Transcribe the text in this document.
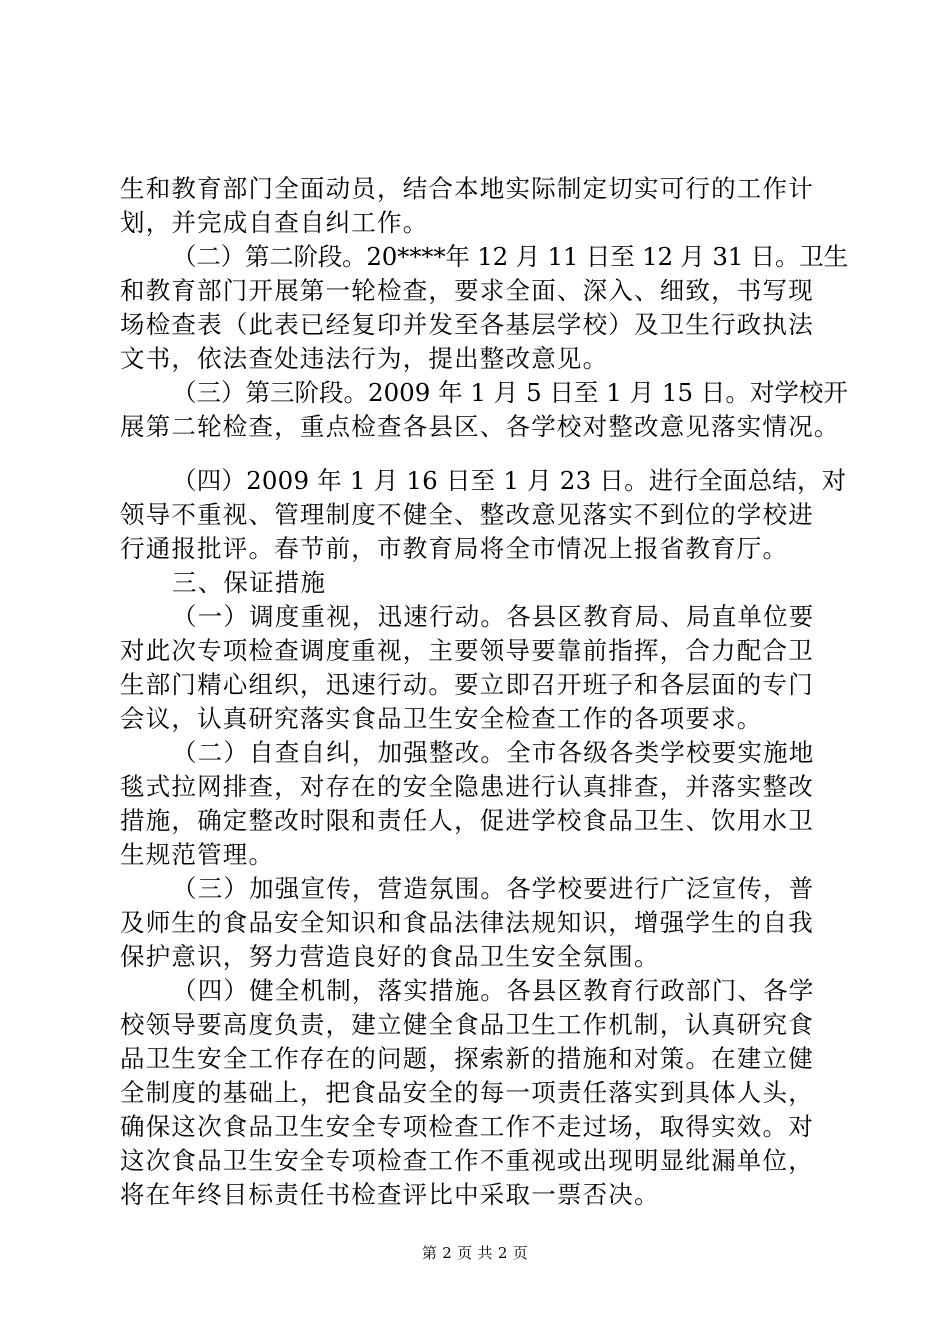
生和教育部门全面动员，结合本地实际制定切实可行的工作计
划，并完成自查自纠工作。
（二）第二阶段。20****年 12 月 11 日至 12 月 31 日。卫生
和教育部门开展第一轮检查，要求全面、深入、细致，书写现
场检查表（此表已经复印并发至各基层学校）及卫生行政执法
文书，依法查处违法行为，提出整改意见。
（三）第三阶段。2009 年 1 月 5 日至 1 月 15 日。对学校开
展第二轮检查，重点检查各县区、各学校对整改意见落实情况。
（四）2009 年 1 月 16 日至 1 月 23 日。进行全面总结，对
领导不重视、管理制度不健全、整改意见落实不到位的学校进
行通报批评。春节前，市教育局将全市情况上报省教育厅。
三、保证措施
（一）调度重视，迅速行动。各县区教育局、局直单位要
对此次专项检查调度重视，主要领导要靠前指挥，合力配合卫
生部门精心组织，迅速行动。要立即召开班子和各层面的专门
会议，认真研究落实食品卫生安全检查工作的各项要求。
（二）自查自纠，加强整改。全市各级各类学校要实施地
毯式拉网排查，对存在的安全隐患进行认真排查，并落实整改
措施，确定整改时限和责任人，促进学校食品卫生、饮用水卫
生规范管理。
（三）加强宣传，营造氛围。各学校要进行广泛宣传，普
及师生的食品安全知识和食品法律法规知识，增强学生的自我
保护意识，努力营造良好的食品卫生安全氛围。
（四）健全机制，落实措施。各县区教育行政部门、各学
校领导要高度负责，建立健全食品卫生工作机制，认真研究食
品卫生安全工作存在的问题，探索新的措施和对策。在建立健
全制度的基础上，把食品安全的每一项责任落实到具体人头，
确保这次食品卫生安全专项检查工作不走过场，取得实效。对
这次食品卫生安全专项检查工作不重视或出现明显纰漏单位，
将在年终目标责任书检查评比中采取一票否决。
第 2 页 共 2 页
